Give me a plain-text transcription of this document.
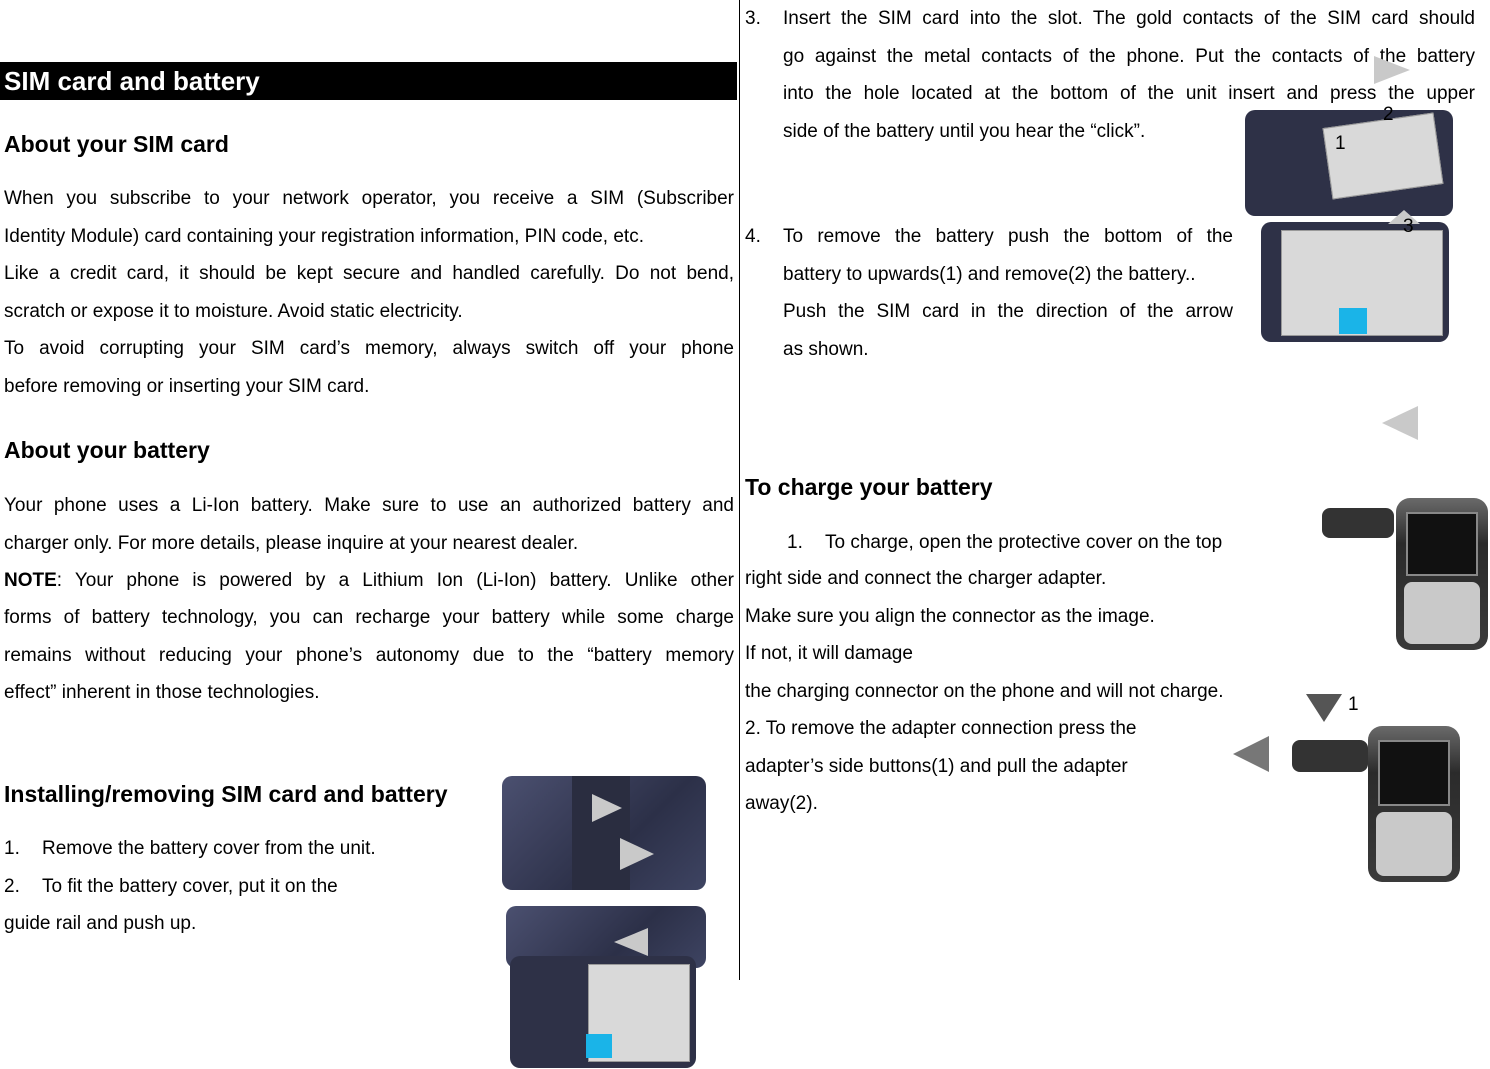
SIM card and battery
About your SIM card
When you subscribe to your network operator, you receive a SIM (Subscriber
Identity Module) card containing your registration information, PIN code, etc.
Like a credit card, it should be kept secure and handled carefully. Do not bend,
scratch or expose it to moisture. Avoid static electricity.
To avoid corrupting your SIM card’s memory, always switch off your phone
before removing or inserting your SIM card.
About your battery
Your phone uses a Li-Ion battery. Make sure to use an authorized battery and
charger only. For more details, please inquire at your nearest dealer.
NOTE : Your phone is powered by a Lithium Ion (Li-Ion) battery. Unlike other
forms of battery technology, you can recharge your battery while some charge
remains without reducing your phone’s autonomy due to the “battery memory
effect” inherent in those technologies.
Installing/removing SIM card and battery
1. Remove the battery cover from the unit.
2. To fit the battery cover, put it on the
guide rail and push up.
3.	Insert the SIM card into the slot. The gold contacts of the SIM card should
go against the metal contacts of the phone. Put the contacts of the battery
into the hole located at the bottom of the unit insert and press the upper
side of the battery until you hear the “click”.
4.	To remove the battery push the bottom of the
battery to upwards(1) and remove(2) the battery..
Push the SIM card in the direction of the arrow
as shown.
2
1
3
To charge your battery
1. To charge, open the protective cover on the top
right side and connect the charger adapter.
Make sure you align the connector as the image.
If not, it will damage
the charging connector on the phone and will not charge.
2. To remove the adapter connection press the
adapter’s side buttons(1) and pull the adapter
away(2).
1
